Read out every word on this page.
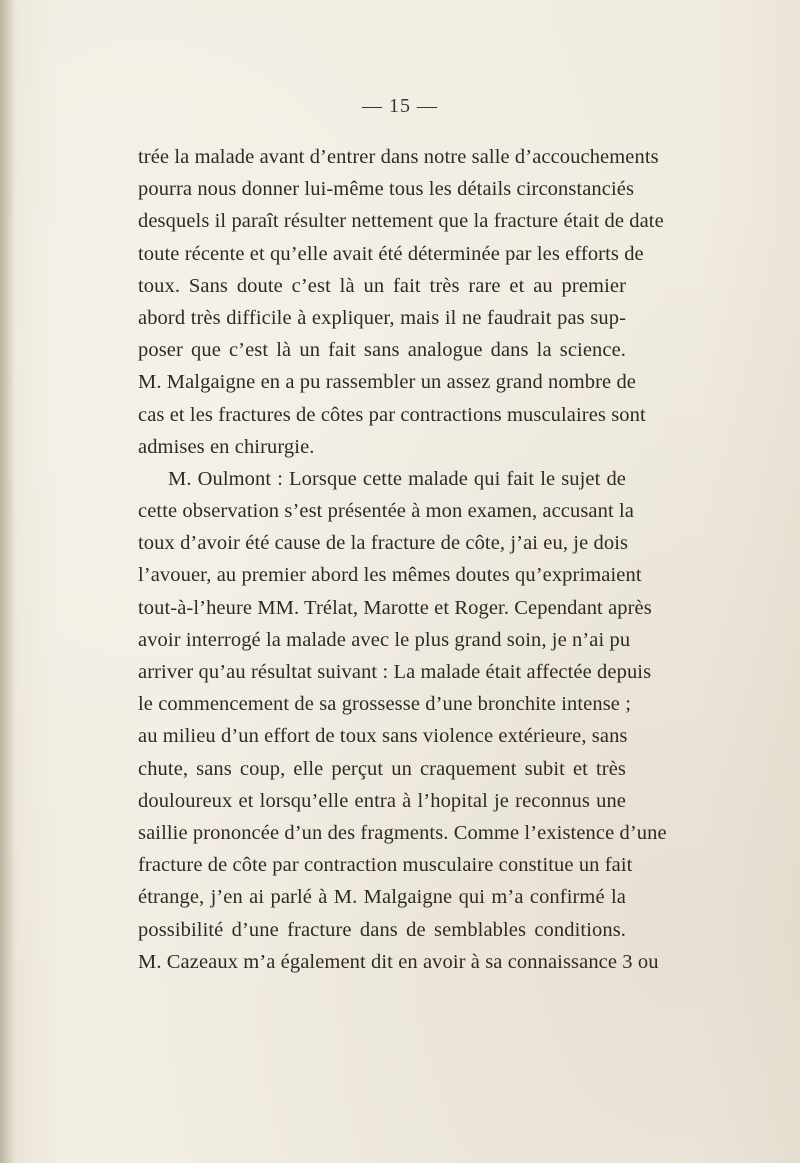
— 15 —
trée la malade avant d’entrer dans notre salle d’accouchements
pourra nous donner lui-même tous les détails circonstanciés
desquels il paraît résulter nettement que la fracture était de date
toute récente et qu’elle avait été déterminée par les efforts de
toux. Sans doute c’est là un fait très rare et au premier
abord très difficile à expliquer, mais il ne faudrait pas sup-
poser que c’est là un fait sans analogue dans la science.
M. Malgaigne en a pu rassembler un assez grand nombre de
cas et les fractures de côtes par contractions musculaires sont
admises en chirurgie.
M. Oulmont : Lorsque cette malade qui fait le sujet de
cette observation s’est présentée à mon examen, accusant la
toux d’avoir été cause de la fracture de côte, j’ai eu, je dois
l’avouer, au premier abord les mêmes doutes qu’exprimaient
tout-à-l’heure MM. Trélat, Marotte et Roger. Cependant après
avoir interrogé la malade avec le plus grand soin, je n’ai pu
arriver qu’au résultat suivant : La malade était affectée depuis
le commencement de sa grossesse d’une bronchite intense ;
au milieu d’un effort de toux sans violence extérieure, sans
chute, sans coup, elle perçut un craquement subit et très
douloureux et lorsqu’elle entra à l’hopital je reconnus une
saillie prononcée d’un des fragments. Comme l’existence d’une
fracture de côte par contraction musculaire constitue un fait
étrange, j’en ai parlé à M. Malgaigne qui m’a confirmé la
possibilité d’une fracture dans de semblables conditions.
M. Cazeaux m’a également dit en avoir à sa connaissance 3 ou
